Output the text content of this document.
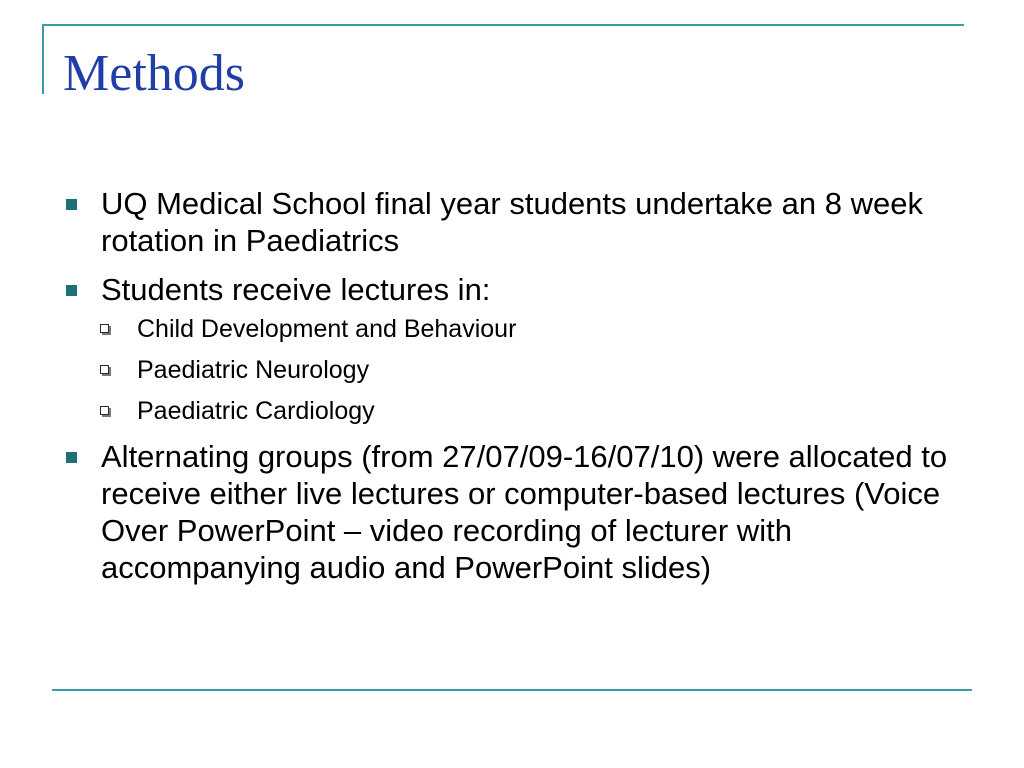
Methods
UQ Medical School final year students undertake an 8 week rotation in Paediatrics
Students receive lectures in:
Child Development and Behaviour
Paediatric Neurology
Paediatric Cardiology
Alternating groups (from 27/07/09-16/07/10) were allocated to receive either live lectures or computer-based lectures (Voice Over PowerPoint – video recording of lecturer with accompanying audio and PowerPoint slides)
